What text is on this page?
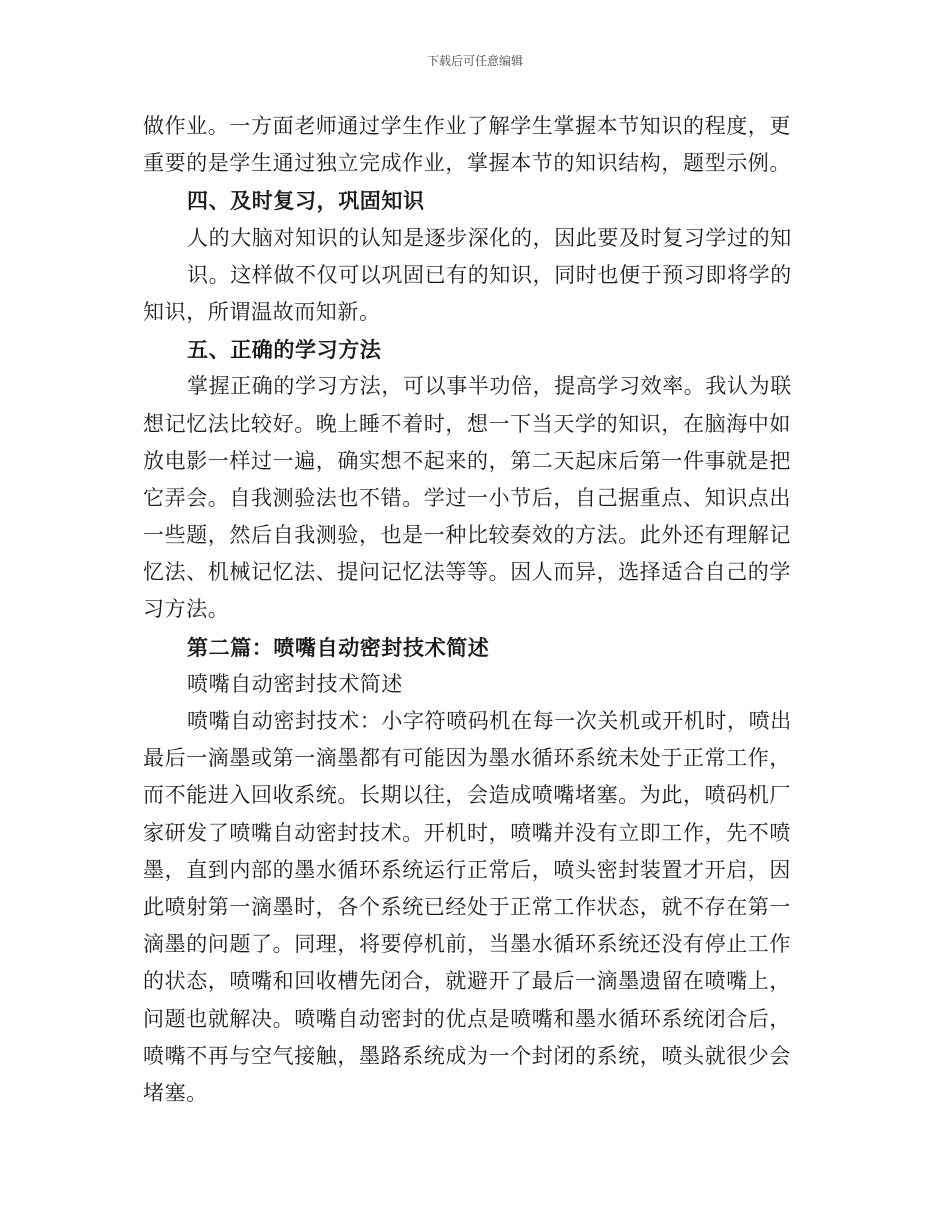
下载后可任意编辑
做作业。一方面老师通过学生作业了解学生掌握本节知识的程度，更
重要的是学生通过独立完成作业，掌握本节的知识结构，题型示例。
四、及时复习，巩固知识
人的大脑对知识的认知是逐步深化的，因此要及时复习学过的知
识。这样做不仅可以巩固已有的知识，同时也便于预习即将学的
知识，所谓温故而知新。
五、正确的学习方法
掌握正确的学习方法，可以事半功倍，提高学习效率。我认为联
想记忆法比较好。晚上睡不着时，想一下当天学的知识，在脑海中如
放电影一样过一遍，确实想不起来的，第二天起床后第一件事就是把
它弄会。自我测验法也不错。学过一小节后，自己据重点、知识点出
一些题，然后自我测验，也是一种比较奏效的方法。此外还有理解记
忆法、机械记忆法、提问记忆法等等。因人而异，选择适合自己的学
习方法。
第二篇：喷嘴自动密封技术简述
喷嘴自动密封技术简述
喷嘴自动密封技术：小字符喷码机在每一次关机或开机时，喷出
最后一滴墨或第一滴墨都有可能因为墨水循环系统未处于正常工作，
而不能进入回收系统。长期以往，会造成喷嘴堵塞。为此，喷码机厂
家研发了喷嘴自动密封技术。开机时，喷嘴并没有立即工作，先不喷
墨，直到内部的墨水循环系统运行正常后，喷头密封装置才开启，因
此喷射第一滴墨时，各个系统已经处于正常工作状态，就不存在第一
滴墨的问题了。同理，将要停机前，当墨水循环系统还没有停止工作
的状态，喷嘴和回收槽先闭合，就避开了最后一滴墨遗留在喷嘴上，
问题也就解决。喷嘴自动密封的优点是喷嘴和墨水循环系统闭合后，
喷嘴不再与空气接触，墨路系统成为一个封闭的系统，喷头就很少会
堵塞。
